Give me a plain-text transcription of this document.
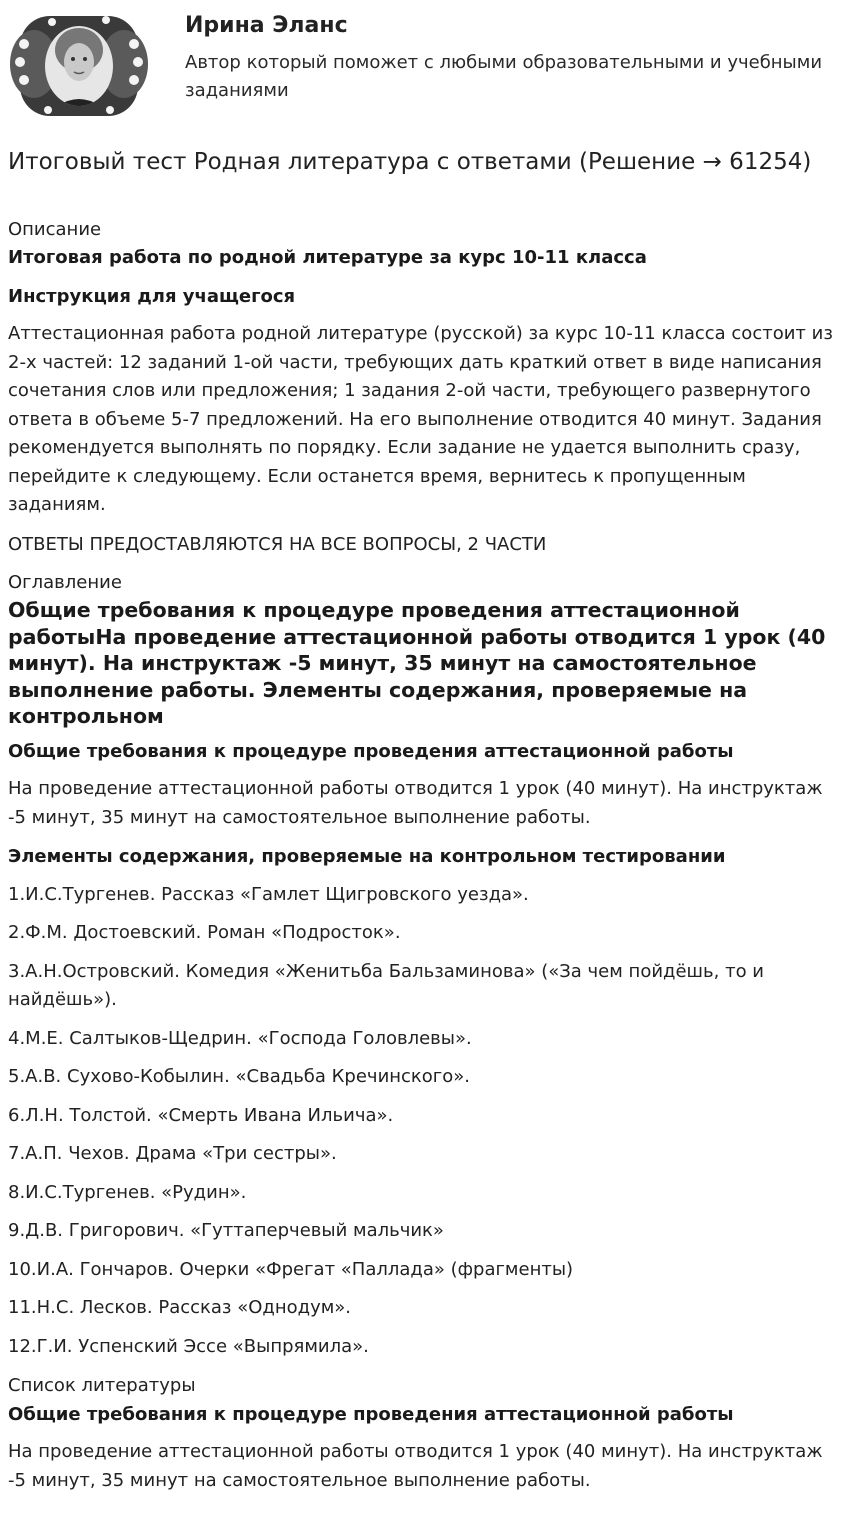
Ирина Эланс
Автор который поможет с любыми образовательными и учебными заданиями
Итоговый тест Родная литература с ответами (Решение → 61254)
Описание
Итоговая работа по родной литературе за курс 10-11 класса
Инструкция для учащегося

Аттестационная работа родной литературе (русской) за курс 10-11 класса состоит из 2-х частей: 12 заданий 1-ой части, требующих дать краткий ответ в виде написания сочетания слов или предложения; 1 задания 2-ой части, требующего развернутого ответа в объеме 5-7 предложений. На его выполнение отводится 40 минут. Задания рекомендуется выполнять по порядку. Если задание не удается выполнить сразу, перейдите к следующему. Если останется время, вернитесь к пропущенным заданиям.

ОТВЕТЫ ПРЕДОСТАВЛЯЮТСЯ НА ВСЕ ВОПРОСЫ, 2 ЧАСТИ
Оглавление
Общие требования к процедуре проведения аттестационной работыНа проведение аттестационной работы отводится 1 урок (40 минут). На инструктаж -5 минут, 35 минут на самостоятельное выполнение работы. Элементы содержания, проверяемые на контрольном
Общие требования к процедуре проведения аттестационной работы

На проведение аттестационной работы отводится 1 урок (40 минут). На инструктаж -5 минут, 35 минут на самостоятельное выполнение работы.

Элементы содержания, проверяемые на контрольном тестировании

1.И.С.Тургенев. Рассказ «Гамлет Щигровского уезда».

2.Ф.М. Достоевский. Роман «Подросток».

3.А.Н.Островский. Комедия «Женитьба Бальзаминова» («За чем пойдёшь, то и найдёшь»).

4.М.Е. Салтыков-Щедрин. «Господа Головлевы».

5.А.В. Сухово-Кобылин. «Свадьба Кречинского».

6.Л.Н. Толстой. «Смерть Ивана Ильича».

7.А.П. Чехов. Драма «Три сестры».

8.И.С.Тургенев. «Рудин».

9.Д.В. Григорович. «Гуттаперчевый мальчик»

10.И.А. Гончаров. Очерки «Фрегат «Паллада» (фрагменты)

11.Н.С. Лесков. Рассказ «Однодум».

12.Г.И. Успенский Эссе «Выпрямила».

Список литературы
Общие требования к процедуре проведения аттестационной работы

На проведение аттестационной работы отводится 1 урок (40 минут). На инструктаж -5 минут, 35 минут на самостоятельное выполнение работы.
